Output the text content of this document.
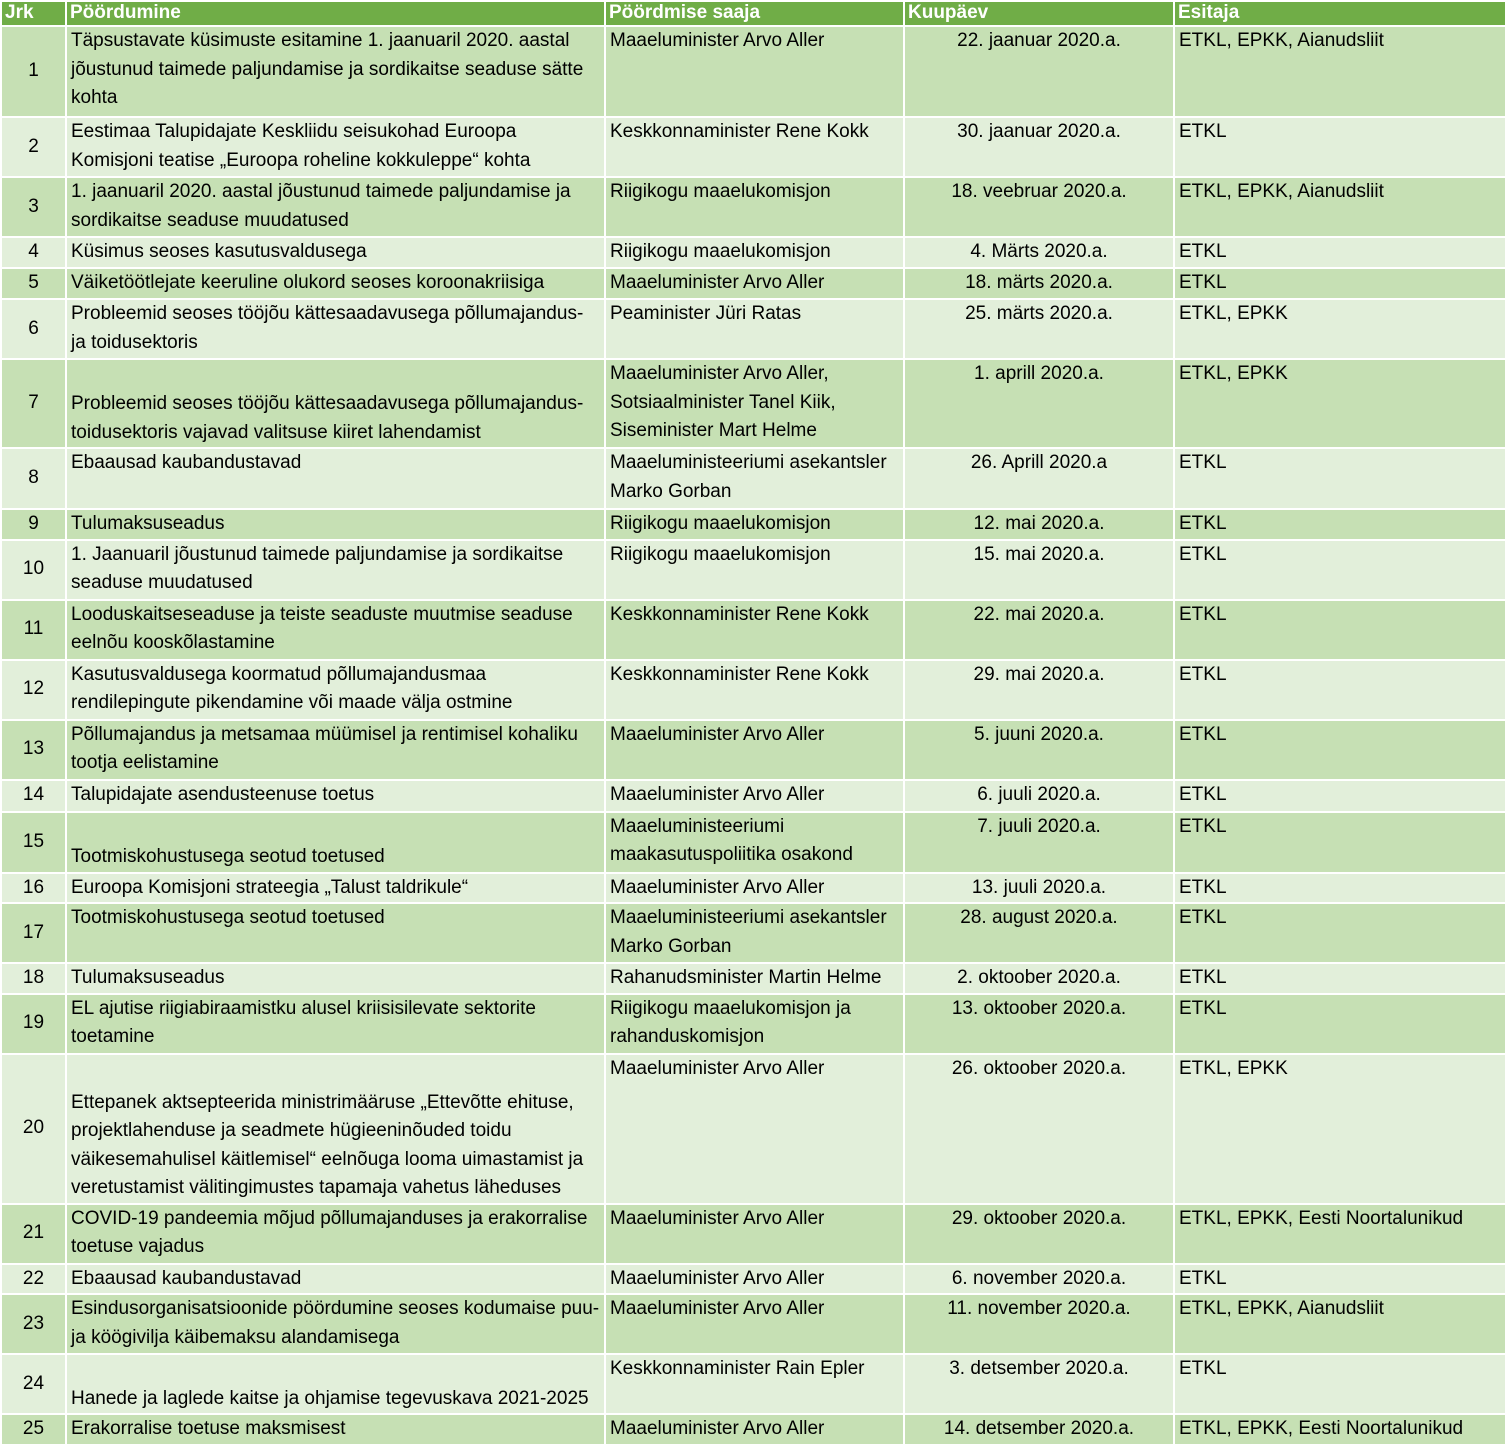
Jrk	Pöördumine	Pöördmise saaja	Kuupäev	Esitaja
1	Täpsustavate küsimuste esitamine 1. jaanuaril 2020. aastal jõustunud taimede paljundamise ja sordikaitse seaduse sätte kohta	Maaeluminister Arvo Aller	22. jaanuar 2020.a.	ETKL, EPKK, Aianudsliit
2	Eestimaa Talupidajate Keskliidu seisukohad Euroopa Komisjoni teatise „Euroopa roheline kokkuleppe“ kohta	Keskkonnaminister Rene Kokk	30. jaanuar 2020.a.	ETKL
3	1. jaanuaril 2020. aastal jõustunud taimede paljundamise ja sordikaitse seaduse muudatused	Riigikogu maaelukomisjon	18. veebruar 2020.a.	ETKL, EPKK, Aianudsliit
4	Küsimus seoses kasutusvaldusega	Riigikogu maaelukomisjon	4. Märts 2020.a.	ETKL
5	Väiketöötlejate keeruline olukord seoses koroonakriisiga	Maaeluminister Arvo Aller	18. märts 2020.a.	ETKL
6	Probleemid seoses tööjõu kättesaadavusega põllumajandus- ja toidusektoris	Peaminister Jüri Ratas	25. märts 2020.a.	ETKL, EPKK
7	Probleemid seoses tööjõu kättesaadavusega põllumajandus- toidusektoris vajavad valitsuse kiiret lahendamist	Maaeluminister Arvo Aller, Sotsiaalminister Tanel Kiik, Siseminister Mart Helme	1. aprill 2020.a.	ETKL, EPKK
8	Ebaausad kaubandustavad	Maaeluministeeriumi asekantsler Marko Gorban	26. Aprill 2020.a	ETKL
9	Tulumaksuseadus	Riigikogu maaelukomisjon	12. mai 2020.a.	ETKL
10	1. Jaanuaril jõustunud taimede paljundamise ja sordikaitse seaduse muudatused	Riigikogu maaelukomisjon	15. mai 2020.a.	ETKL
11	Looduskaitseseaduse ja teiste seaduste muutmise seaduse eelnõu kooskõlastamine	Keskkonnaminister Rene Kokk	22. mai 2020.a.	ETKL
12	Kasutusvaldusega koormatud põllumajandusmaa rendilepingute pikendamine või maade välja ostmine	Keskkonnaminister Rene Kokk	29. mai 2020.a.	ETKL
13	Põllumajandus ja metsamaa müümisel ja rentimisel kohaliku tootja eelistamine	Maaeluminister Arvo Aller	5. juuni 2020.a.	ETKL
14	Talupidajate asendusteenuse toetus	Maaeluminister Arvo Aller	6. juuli 2020.a.	ETKL
15	Tootmiskohustusega seotud toetused	Maaeluministeeriumi maakasutuspoliitika osakond	7. juuli 2020.a.	ETKL
16	Euroopa Komisjoni strateegia „Talust taldrikule“	Maaeluminister Arvo Aller	13. juuli 2020.a.	ETKL
17	Tootmiskohustusega seotud toetused	Maaeluministeeriumi asekantsler Marko Gorban	28. august 2020.a.	ETKL
18	Tulumaksuseadus	Rahanudsminister Martin Helme	2. oktoober 2020.a.	ETKL
19	EL ajutise riigiabiraamistku alusel kriisisilevate sektorite toetamine	Riigikogu maaelukomisjon ja rahanduskomisjon	13. oktoober 2020.a.	ETKL
20	Ettepanek aktsepteerida ministrimääruse „Ettevõtte ehituse, projektlahenduse ja seadmete hügieeninõuded toidu väikesemahulisel käitlemisel“ eelnõuga looma uimastamist ja veretustamist välitingimustes tapamaja vahetus läheduses	Maaeluminister Arvo Aller	26. oktoober 2020.a.	ETKL, EPKK
21	COVID-19 pandeemia mõjud põllumajanduses ja erakorralise toetuse vajadus	Maaeluminister Arvo Aller	29. oktoober 2020.a.	ETKL, EPKK, Eesti Noortalunikud
22	Ebaausad kaubandustavad	Maaeluminister Arvo Aller	6. november 2020.a.	ETKL
23	Esindusorganisatsioonide pöördumine seoses kodumaise puu- ja köögivilja käibemaksu alandamisega	Maaeluminister Arvo Aller	11. november 2020.a.	ETKL, EPKK, Aianudsliit
24	Hanede ja laglede kaitse ja ohjamise tegevuskava 2021-2025	Keskkonnaminister Rain Epler	3. detsember 2020.a.	ETKL
25	Erakorralise toetuse maksmisest	Maaeluminister Arvo Aller	14. detsember 2020.a.	ETKL, EPKK, Eesti Noortalunikud
